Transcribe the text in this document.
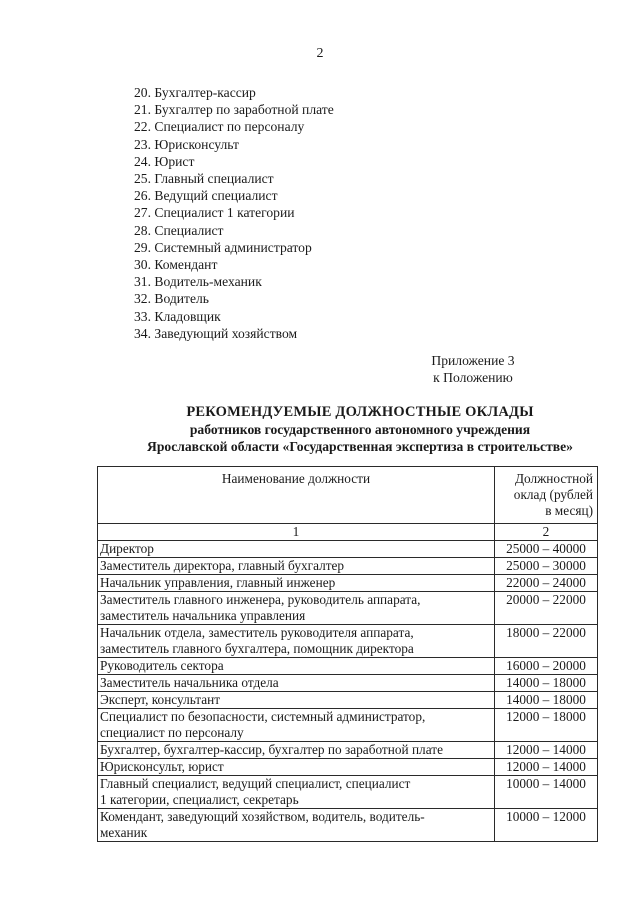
2
20. Бухгалтер-кассир
21. Бухгалтер по заработной плате
22. Специалист по персоналу
23. Юрисконсульт
24. Юрист
25. Главный специалист
26. Ведущий специалист
27. Специалист 1 категории
28. Специалист
29. Системный администратор
30. Комендант
31. Водитель-механик
32. Водитель
33. Кладовщик
34. Заведующий хозяйством
Приложение 3
к Положению
РЕКОМЕНДУЕМЫЕ ДОЛЖНОСТНЫЕ ОКЛАДЫ
работников государственного автономного учреждения
Ярославской области «Государственная экспертиза в строительстве»
Наименование должности	Должностной
оклад (рублей
в месяц)

1	2

Директор	25000 – 40000

Заместитель директора, главный бухгалтер	25000 – 30000

Начальник управления, главный инженер	22000 – 24000

Заместитель главного инженера, руководитель аппарата,
заместитель начальника управления	20000 – 22000

Начальник отдела, заместитель руководителя аппарата,
заместитель главного бухгалтера, помощник директора	18000 – 22000

Руководитель сектора	16000 – 20000

Заместитель начальника отдела	14000 – 18000

Эксперт, консультант	14000 – 18000

Специалист по безопасности, системный администратор,
специалист по персоналу	12000 – 18000

Бухгалтер, бухгалтер-кассир, бухгалтер по заработной плате	12000 – 14000

Юрисконсульт, юрист	12000 – 14000

Главный специалист, ведущий специалист, специалист
1 категории, специалист, секретарь	10000 – 14000

Комендант, заведующий хозяйством, водитель, водитель-
механик	10000 – 12000
